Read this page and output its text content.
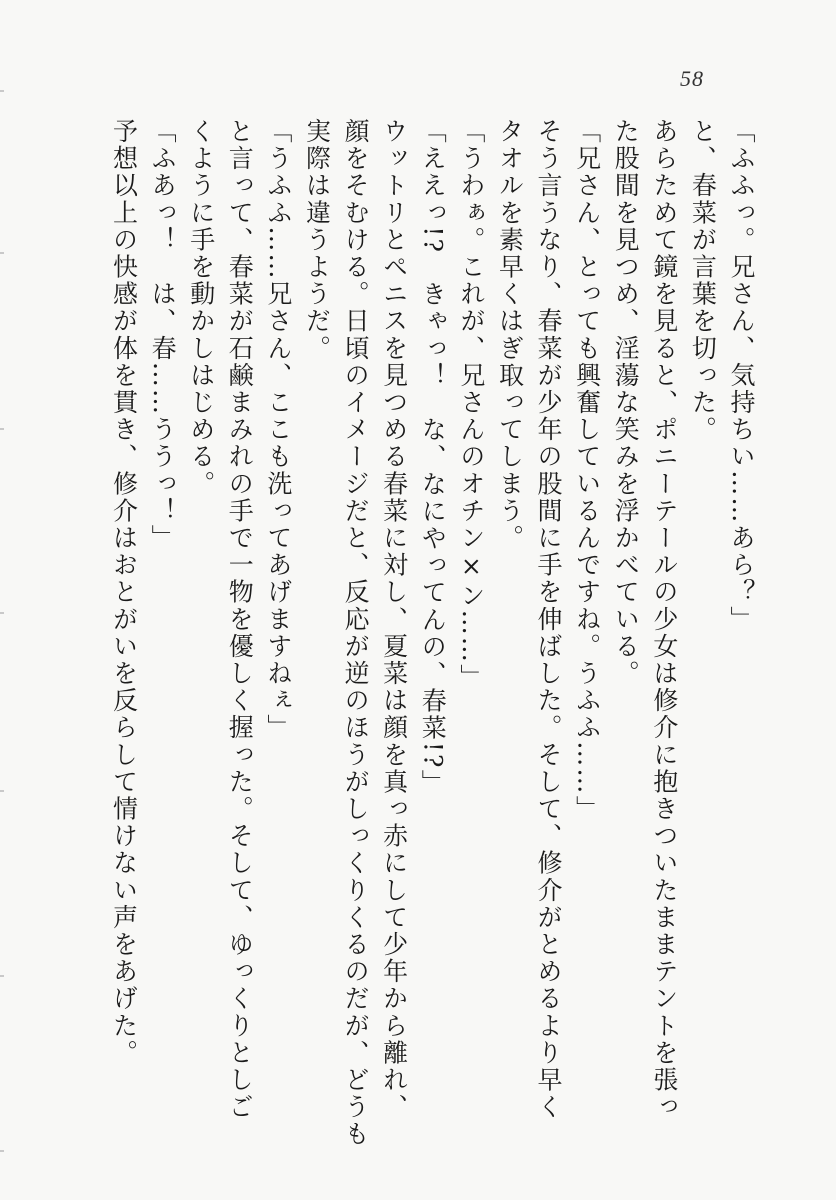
58
「ふふっ。兄さん、気持ちい……あら？」
と、春菜が言葉を切った。
あらためて鏡を見ると、ポニーテールの少女は修介に抱きついたままテントを張っ
た股間を見つめ、淫蕩な笑みを浮かべている。
「兄さん、とっても興奮しているんですね。うふふ……」
そう言うなり、春菜が少年の股間に手を伸ばした。そして、修介がとめるより早く
タオルを素早くはぎ取ってしまう。
「うわぁ。これが、兄さんのオチン×ン……」
「ええっ!?　きゃっ！　な、なにやってんの、春菜!?」
ウットリとペニスを見つめる春菜に対し、夏菜は顔を真っ赤にして少年から離れ、
顔をそむける。日頃のイメージだと、反応が逆のほうがしっくりくるのだが、どうも
実際は違うようだ。
「うふふ……兄さん、ここも洗ってあげますねぇ」
と言って、春菜が石鹸まみれの手で一物を優しく握った。そして、ゆっくりとしご
くように手を動かしはじめる。
「ふあっ！　は、春……ううっ！」
予想以上の快感が体を貫き、修介はおとがいを反らして情けない声をあげた。
